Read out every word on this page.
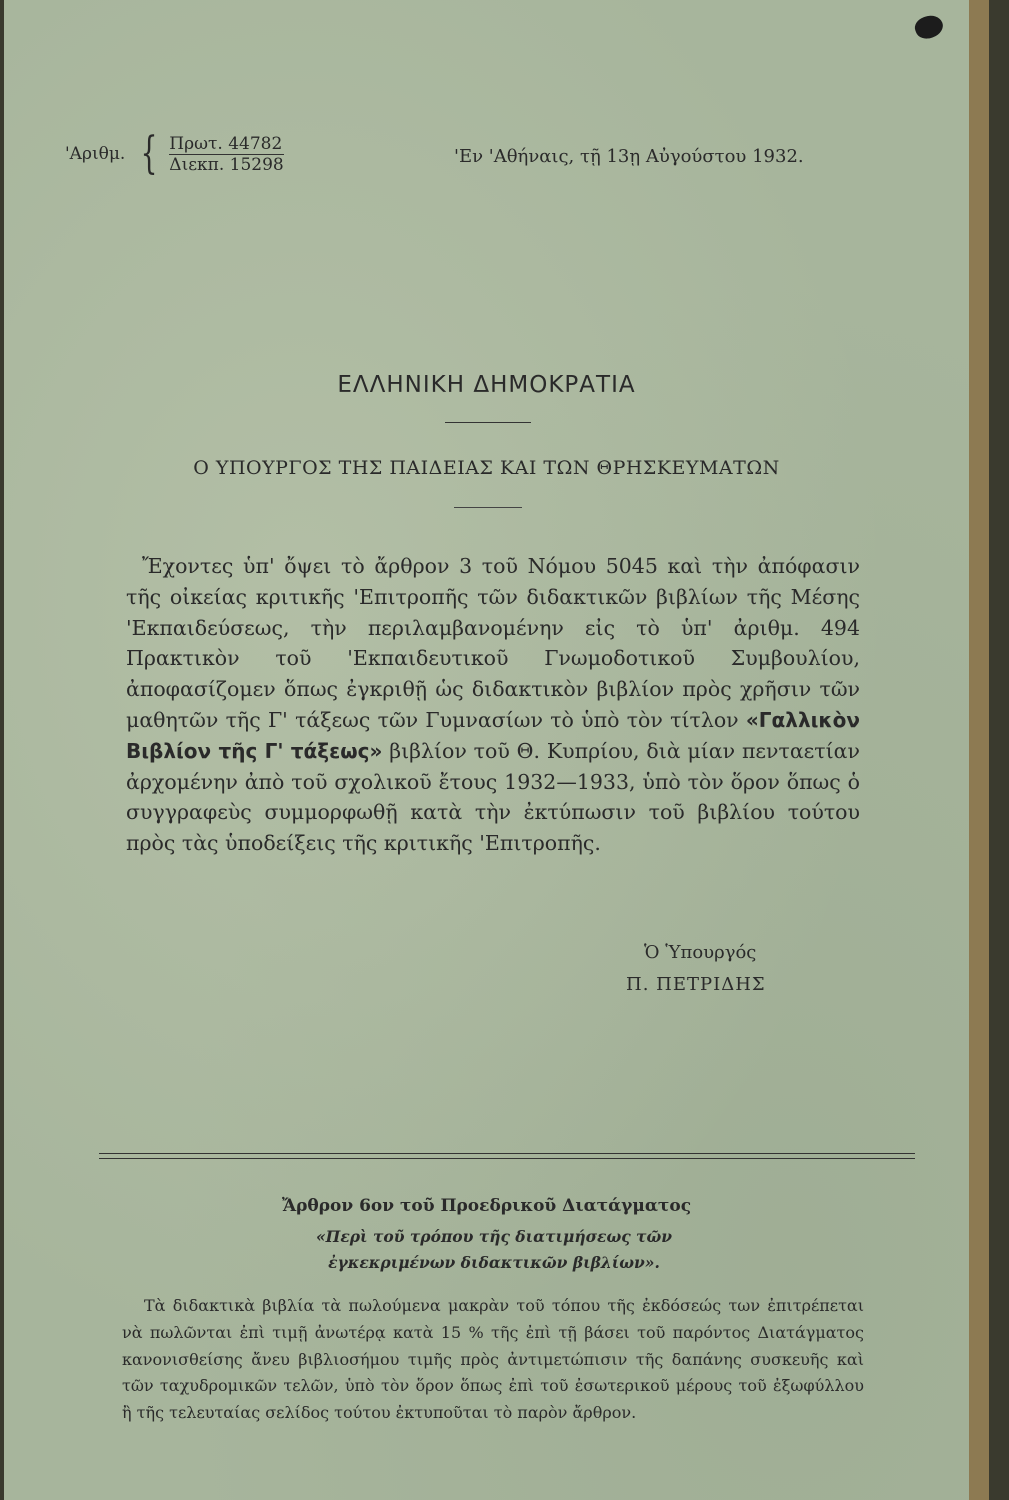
'Αριθμ. { Πρωτ. 44782
Διεκπ. 15298	'Εν 'Αθήναις, τῇ 13ῃ Αὐγούστου 1932.
ΕΛΛΗΝΙΚΗ ΔΗΜΟΚΡΑΤΙΑ
Ο ΥΠΟΥΡΓΟΣ ΤΗΣ ΠΑΙΔΕΙΑΣ ΚΑΙ ΤΩΝ ΘΡΗΣΚΕΥΜΑΤΩΝ

Ἔχοντες ὑπ' ὄψει τὸ ἄρθρον 3 τοῦ Νόμου 5045 καὶ τὴν ἀπόφασιν τῆς οἰκείας κριτικῆς 'Επιτροπῆς τῶν διδακτικῶν βιβλίων τῆς Μέσης 'Εκπαιδεύσεως, τὴν περιλαμβανομένην εἰς τὸ ὑπ' ἀριθμ. 494 Πρακτικὸν τοῦ 'Εκπαιδευτικοῦ Γνωμοδοτικοῦ Συμβουλίου, ἀποφασίζομεν ὅπως ἐγκριθῇ ὡς διδακτικὸν βιβλίον πρὸς χρῆσιν τῶν μαθητῶν τῆς Γ' τάξεως τῶν Γυμνασίων τὸ ὑπὸ τὸν τίτλον «Γαλλικὸν Βιβλίον τῆς Γ' τάξεως» βιβλίον τοῦ Θ. Κυπρίου, διὰ μίαν πενταετίαν ἀρχομένην ἀπὸ τοῦ σχολικοῦ ἔτους 1932—1933, ὑπὸ τὸν ὅρον ὅπως ὁ συγγραφεὺς συμμορφωθῇ κατὰ τὴν ἐκτύπωσιν τοῦ βιβλίου τούτου πρὸς τὰς ὑποδείξεις τῆς κριτικῆς 'Επιτροπῆς.

Ὁ Ὑπουργός
Π. ΠΕΤΡΙΔΗΣ
Ἄρθρον 6ον τοῦ Προεδρικοῦ Διατάγματος
«Περὶ τοῦ τρόπου τῆς διατιμήσεως τῶν ἐγκεκριμένων διδακτικῶν βιβλίων».

Τὰ διδακτικὰ βιβλία τὰ πωλούμενα μακρὰν τοῦ τόπου τῆς ἐκδόσεώς των ἐπιτρέπεται νὰ πωλῶνται ἐπὶ τιμῇ ἀνωτέρᾳ κατὰ 15 % τῆς ἐπὶ τῇ βάσει τοῦ παρόντος Διατάγματος κανονισθείσης ἄνευ βιβλιοσήμου τιμῆς πρὸς ἀντιμετώπισιν τῆς δαπάνης συσκευῆς καὶ τῶν ταχυδρομικῶν τελῶν, ὑπὸ τὸν ὅρον ὅπως ἐπὶ τοῦ ἐσωτερικοῦ μέρους τοῦ ἐξωφύλλου ἢ τῆς τελευταίας σελίδος τούτου ἐκτυποῦται τὸ παρὸν ἄρθρον.
